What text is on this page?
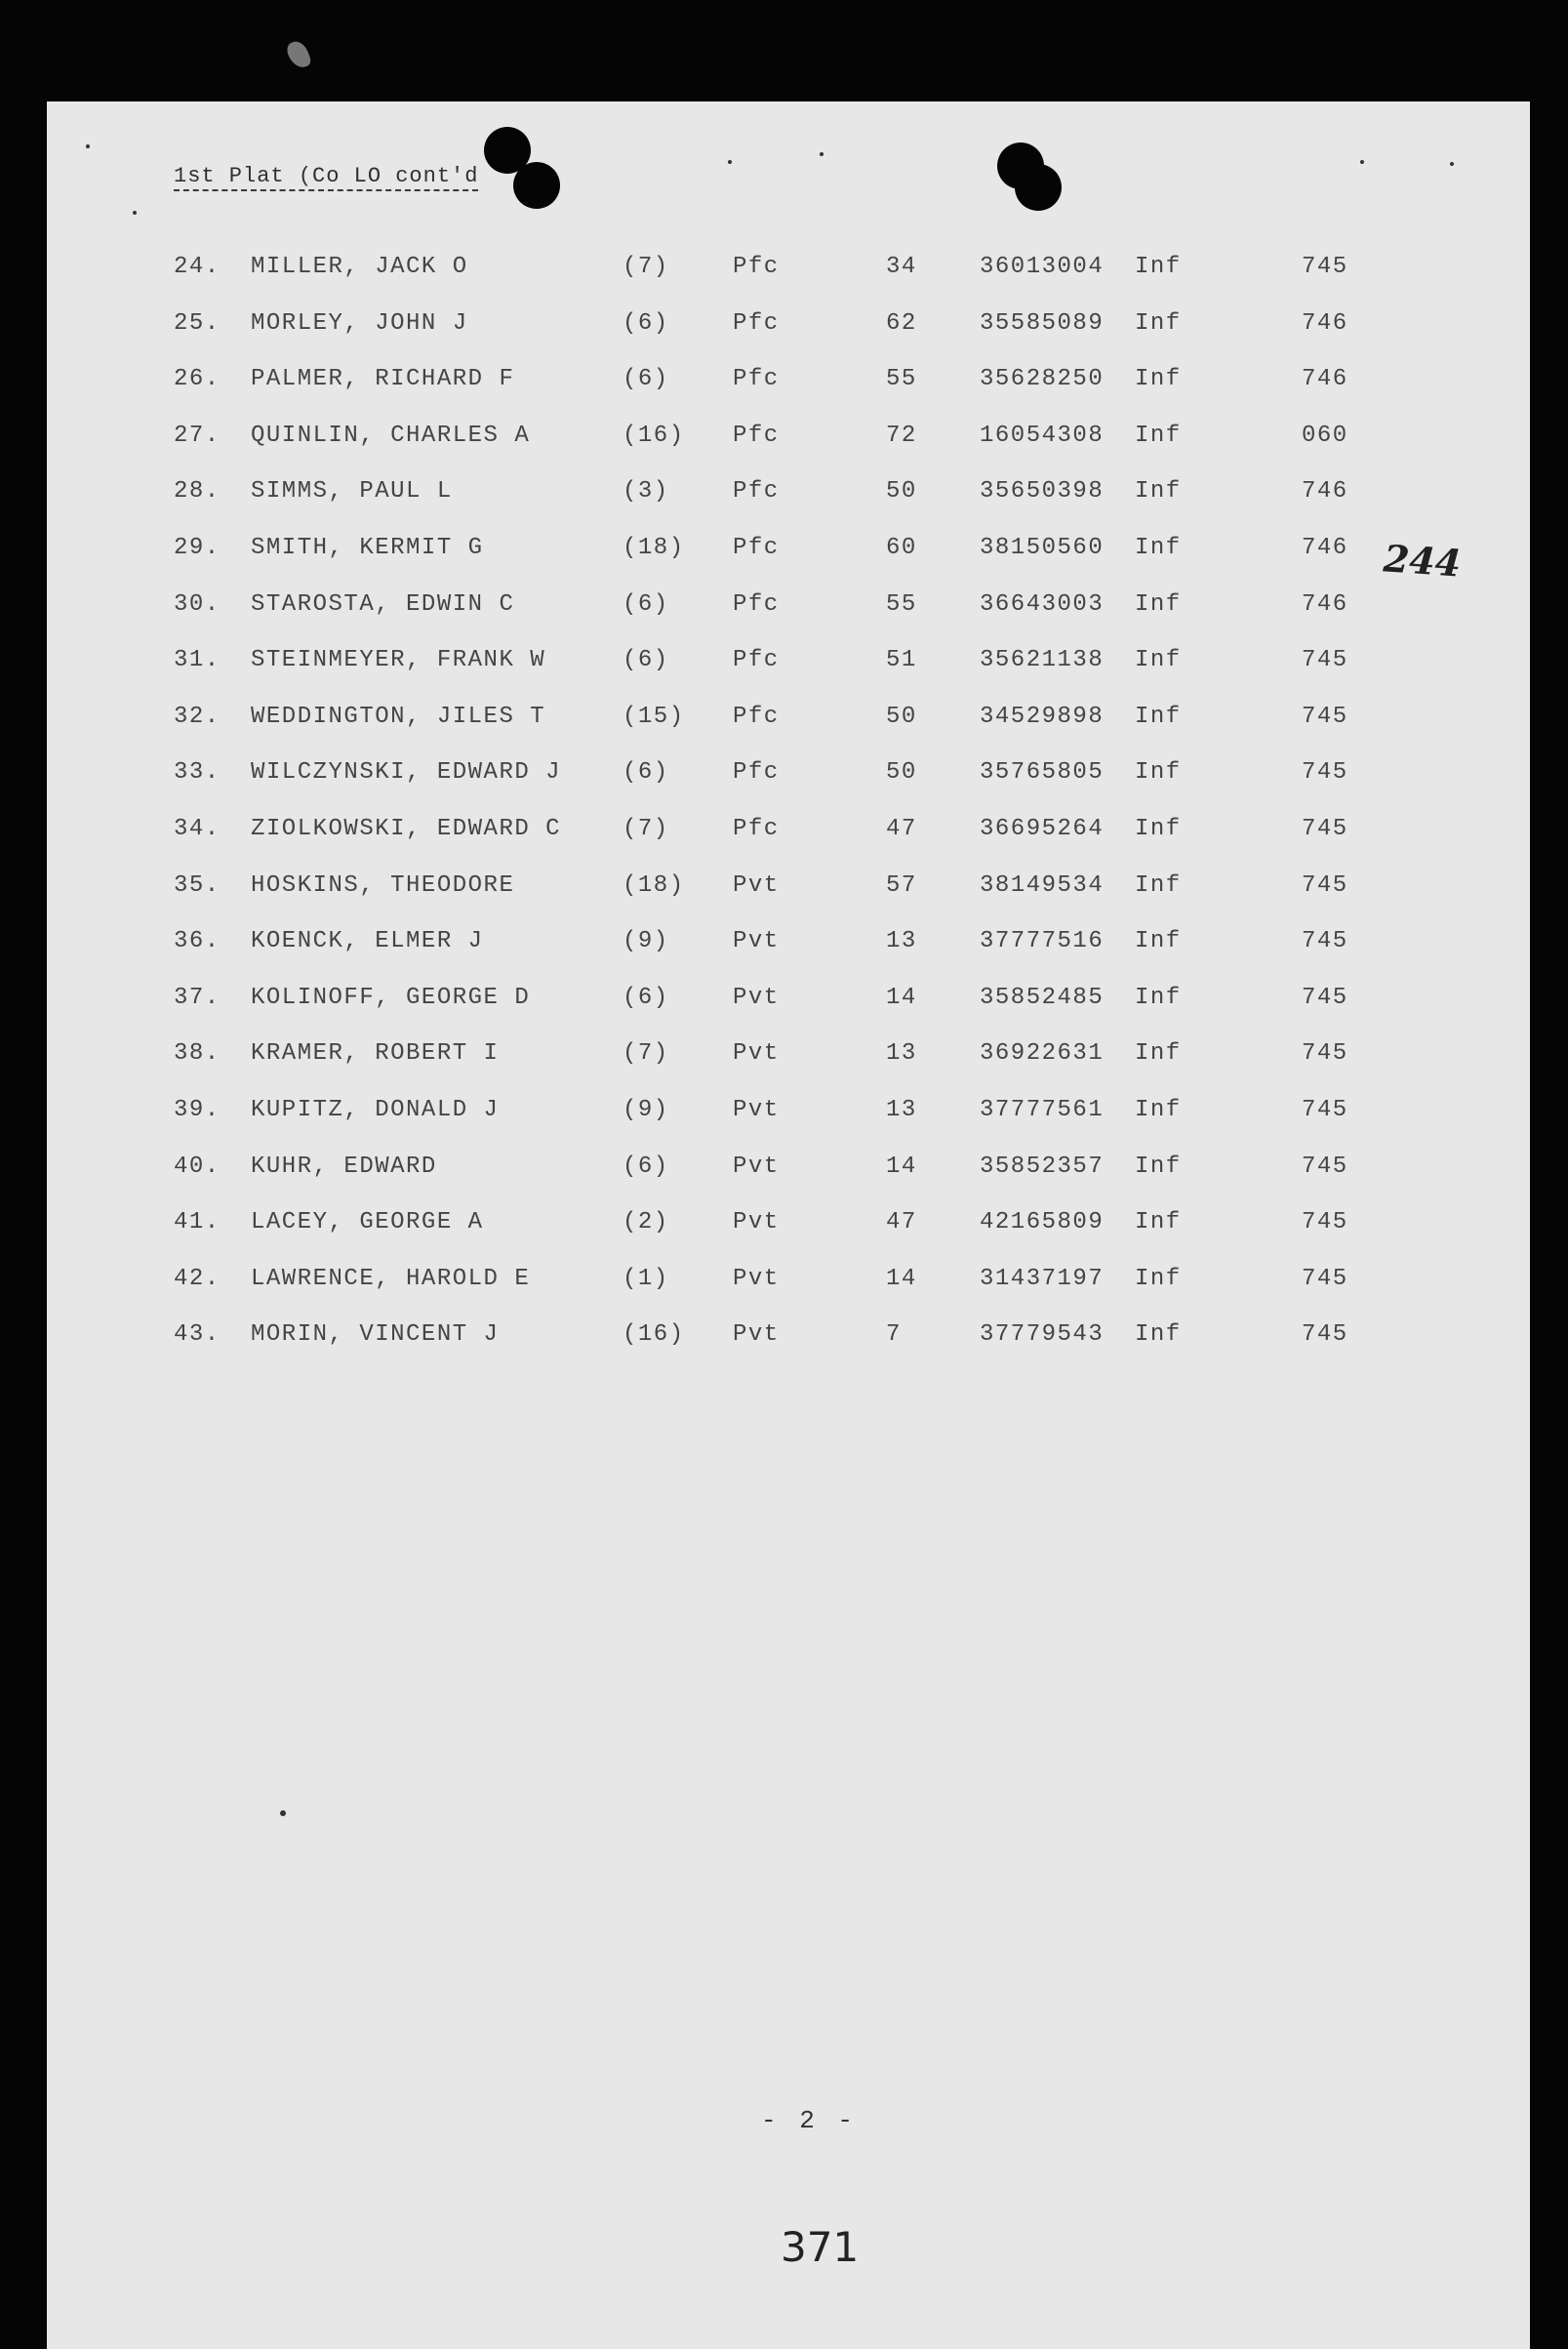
1st Plat (Co LO cont'd
24. MILLER, JACK O	(7)	Pfc	34	36013004 Inf	745
25. MORLEY, JOHN J	(6)	Pfc	62	35585089 Inf	746
26. PALMER, RICHARD F	(6)	Pfc	55	35628250 Inf	746
27. QUINLIN, CHARLES A	(16) Pfc	72	16054308 Inf	060
28. SIMMS, PAUL L	(3)	Pfc	50	35650398 Inf	746
29. SMITH, KERMIT G	(18) Pfc	60	38150560 Inf	746
30. STAROSTA, EDWIN C	(6)	Pfc	55	36643003 Inf	746
31. STEINMEYER, FRANK W	(6)	Pfc	51	35621138 Inf	745
32. WEDDINGTON, JILES T	(15) Pfc	50	34529898 Inf	745
33. WILCZYNSKI, EDWARD J	(6)	Pfc	50	35765805 Inf	745
34. ZIOLKOWSKI, EDWARD C	(7)	Pfc	47	36695264 Inf	745
35. HOSKINS, THEODORE	(18) Pvt	57	38149534 Inf	745
36. KOENCK, ELMER J	(9)	Pvt	13	37777516 Inf	745
37. KOLINOFF, GEORGE D	(6)	Pvt	14	35852485 Inf	745
38. KRAMER, ROBERT I	(7)	Pvt	13	36922631 Inf	745
39. KUPITZ, DONALD J	(9)	Pvt	13	37777561 Inf	745
40. KUHR, EDWARD	(6)	Pvt	14	35852357 Inf	745
41. LACEY, GEORGE A	(2)	Pvt	47	42165809 Inf	745
42. LAWRENCE, HAROLD E	(1)	Pvt	14	31437197 Inf	745
43. MORIN, VINCENT J	(16) Pvt	7	37779543 Inf	745
244
- 2 -
371
